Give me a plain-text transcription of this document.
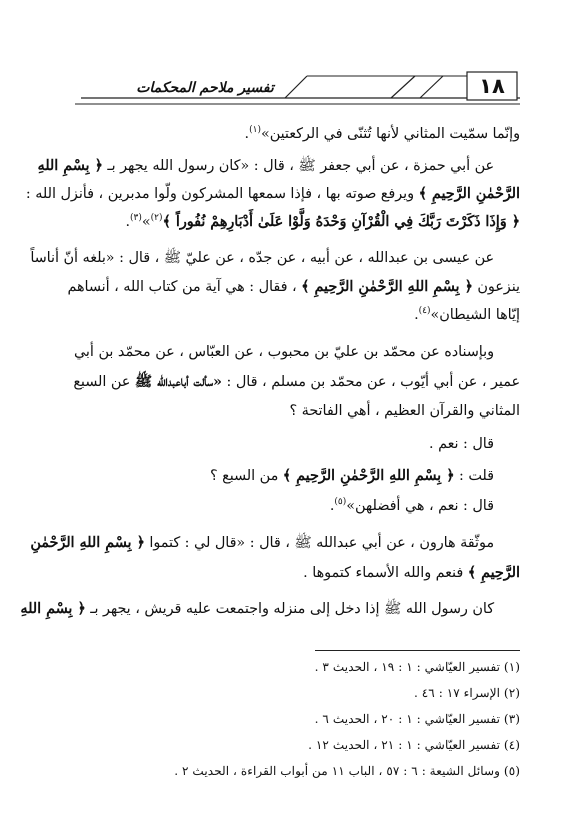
١٨
تفسير ملاحم المحكمات
وإنّما سمّيت المثاني لأنها تُثنّى في الركعتين»$^{(١)}$.
عن أبي حمزة ، عن أبي جعفر ﷺ ، قال : «كان رسول الله يجهر بـ ﴿ بِسْمِ اللهِ
الرَّحْمٰنِ الرَّحِيمِ ﴾ ويرفع صوته بها ، فإذا سمعها المشركون ولّوا مدبرين ، فأنزل الله :
﴿ وَإِذَا ذَكَرْتَ رَبَّكَ فِي الْقُرْآنِ وَحْدَهُ وَلَّوْا عَلَىٰ أَدْبَارِهِمْ نُفُوراً ﴾$^{(٢)}$»$^{(٣)}$.
عن عيسى بن عبدالله ، عن أبيه ، عن جدّه ، عن عليّ ﷺ ، قال : «بلغه أنّ أناساً
ينزعون ﴿ بِسْمِ اللهِ الرَّحْمٰنِ الرَّحِيمِ ﴾ ، فقال : هي آية من كتاب الله ، أنساهم
إيّاها الشيطان»$^{(٤)}$.
وبإسناده عن محمّد بن عليّ بن محبوب ، عن العبّاس ، عن محمّد بن أبي
عمير ، عن أبي أيّوب ، عن محمّد بن مسلم ، قال : «سألت أباعبدالله ﷺ عن السبع
المثاني والقرآن العظيم ، أهي الفاتحة ؟
قال : نعم .
قلت : ﴿ بِسْمِ اللهِ الرَّحْمٰنِ الرَّحِيمِ ﴾ من السبع ؟
قال : نعم ، هي أفضلهن»$^{(٥)}$.
موثّقة هارون ، عن أبي عبدالله ﷺ ، قال : «قال لي : كتموا ﴿ بِسْمِ اللهِ الرَّحْمٰنِ
الرَّحِيمِ ﴾ فنعم والله الأسماء كتموها .
كان رسول الله ﷺ إذا دخل إلى منزله واجتمعت عليه قريش ، يجهر بـ ﴿ بِسْمِ اللهِ
(١) تفسير العيّاشي : ١ : ١٩ ، الحديث ٣ .
(٢) الإسراء ١٧ : ٤٦ .
(٣) تفسير العيّاشي : ١ : ٢٠ ، الحديث ٦ .
(٤) تفسير العيّاشي : ١ : ٢١ ، الحديث ١٢ .
(٥) وسائل الشيعة : ٦ : ٥٧ ، الباب ١١ من أبواب القراءة ، الحديث ٢ .
